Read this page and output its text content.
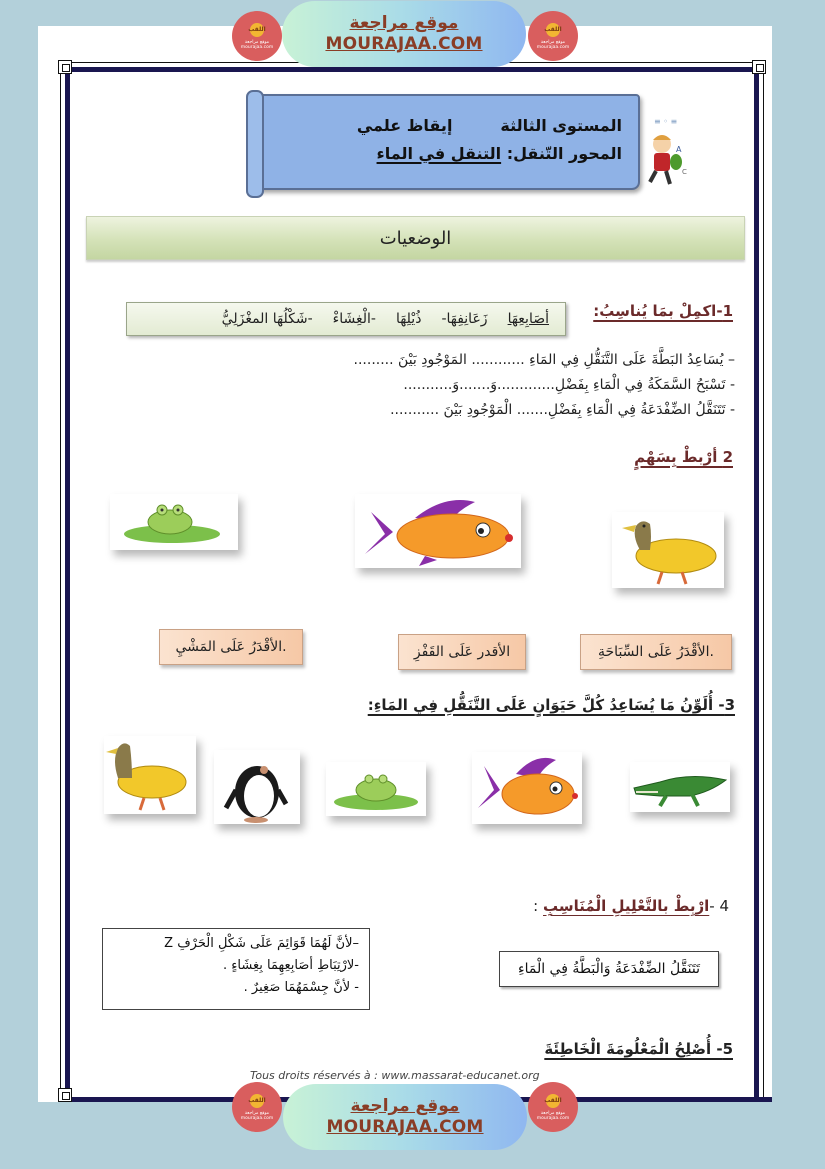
اللقب
موقع مراجعة mourajaa.com
موقع مراجعة
MOURAJAA.COM
اللقب
موقع مراجعة mourajaa.com
المستوى الثالثةإيقاظ علمي
المحور التّنقل: التنقل في الماء
≡ ◦ ≡
A
C
الوضعيات
1-اكمِلْ بمَا يُناسِبُ:
أصَابِعِهَا
زَعَانِفِهَا-
ذُيْلِهَا
-الْغِشَاءْ
-شَكْلُهَا المغْزَلِيُّ
– يُسَاعِدُ البَطَّةَ عَلَى التَّنَقُّلِ فِي المَاءِ ............ المَوْجُودِ بَيْنَ .........
- تَسْبَحُ السَّمَكَةُ فِي الْمَاءِ بِفَضْلِ.............وَ.......وَ...........
- تَتَنَقَّلُ الضِّفْدَعَةُ فِي الْمَاءِ بِفَضْلِ....... الْمَوْجُودِ بَيْنَ ...........
2 أرْبطْ بِسَهْمٍ
.الأقْدَرُ عَلَى المَشْيِ	الأقدر عَلَى القَفْزِ	.الأقْدَرُ عَلَى السِّبَاحَةِ
3- أُلَوِّنُ مَا يُسَاعِدُ كُلَّ حَيَوَانٍ عَلَى التَّنَقُّلِ فِي المَاءِ:
4 -ارْبِطْ بالتَّعْلِيلِ الْمُنَاسِبِ :
–لأنَّ لَهُمَا قَوَائِمَ عَلَى شَكْلِ الْحَرْفِ Z
-لارْتِبَاطِ أصَابِعِهِمَا بِغِشَاءٍ .
- لأنَّ جِسْمَهُمَا صَغِيرٌ .
تَتَنَقَّلُ الضِّفْدَعَةُ وَالْبَطَّةُ فِي الْمَاءِ
5- أُصْلِحُ الْمَعْلُومَةَ الْخَاطِئَةَ
Tous droits réservés à : www.massarat-educanet.org
اللقب
موقع مراجعة mourajaa.com
موقع مراجعة
MOURAJAA.COM
اللقب
موقع مراجعة mourajaa.com
